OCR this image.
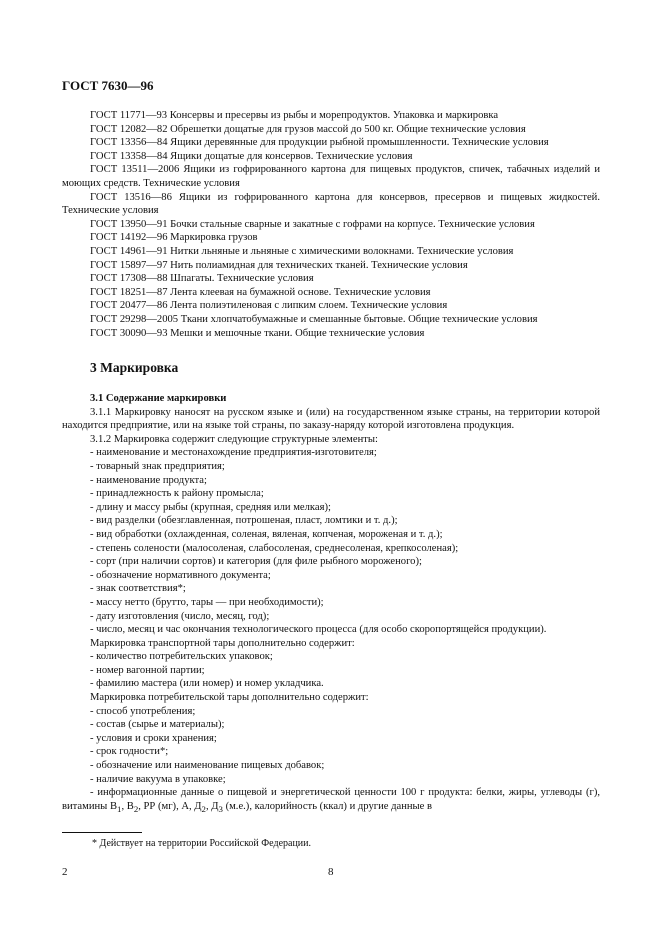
ГОСТ 7630—96

ГОСТ 11771—93 Консервы и пресервы из рыбы и морепродуктов. Упаковка и маркировка

ГОСТ 12082—82 Обрешетки дощатые для грузов массой до 500 кг. Общие технические условия

ГОСТ 13356—84 Ящики деревянные для продукции рыбной промышленности. Технические условия

ГОСТ 13358—84 Ящики дощатые для консервов. Технические условия

ГОСТ 13511—2006 Ящики из гофрированного картона для пищевых продуктов, спичек, табачных изделий и моющих средств. Технические условия

ГОСТ 13516—86 Ящики из гофрированного картона для консервов, пресервов и пищевых жидкостей. Технические условия

ГОСТ 13950—91 Бочки стальные сварные и закатные с гофрами на корпусе. Технические условия

ГОСТ 14192—96 Маркировка грузов

ГОСТ 14961—91 Нитки льняные и льняные с химическими волокнами. Технические условия

ГОСТ 15897—97 Нить полиамидная для технических тканей. Технические условия

ГОСТ 17308—88 Шпагаты. Технические условия

ГОСТ 18251—87 Лента клеевая на бумажной основе. Технические условия

ГОСТ 20477—86 Лента полиэтиленовая с липким слоем. Технические условия

ГОСТ 29298—2005 Ткани хлопчатобумажные и смешанные бытовые. Общие технические условия

ГОСТ 30090—93 Мешки и мешочные ткани. Общие технические условия

3 Маркировка

3.1 Содержание маркировки

3.1.1 Маркировку наносят на русском языке и (или) на государственном языке страны, на территории которой находится предприятие, или на языке той страны, по заказу-наряду которой изготовлена продукция.

3.1.2 Маркировка содержит следующие структурные элементы:

- наименование и местонахождение предприятия-изготовителя;

- товарный знак предприятия;

- наименование продукта;

- принадлежность к району промысла;

- длину и массу рыбы (крупная, средняя или мелкая);

- вид разделки (обезглавленная, потрошеная, пласт, ломтики и т. д.);

- вид обработки (охлажденная, соленая, вяленая, копченая, мороженая и т. д.);

- степень солености (малосоленая, слабосоленая, среднесоленая, крепкосоленая);

- сорт (при наличии сортов) и категория (для филе рыбного мороженого);

- обозначение нормативного документа;

- знак соответствия*;

- массу нетто (брутто, тары — при необходимости);

- дату изготовления (число, месяц, год);

- число, месяц и час окончания технологического процесса (для особо скоропортящейся продукции).

Маркировка транспортной тары дополнительно содержит:

- количество потребительских упаковок;

- номер вагонной партии;

- фамилию мастера (или номер) и номер укладчика.

Маркировка потребительской тары дополнительно содержит:

- способ употребления;

- состав (сырье и материалы);

- условия и сроки хранения;

- срок годности*;

- обозначение или наименование пищевых добавок;

- наличие вакуума в упаковке;

- информационные данные о пищевой и энергетической ценности 100 г продукта: белки, жиры, углеводы (г), витамины $В_1$, $В_2$, РР (мг), А, $Д_2$, $Д_3$ (м.е.), калорийность (ккал) и другие данные в

* Действует на территории Российской Федерации.
2	8
